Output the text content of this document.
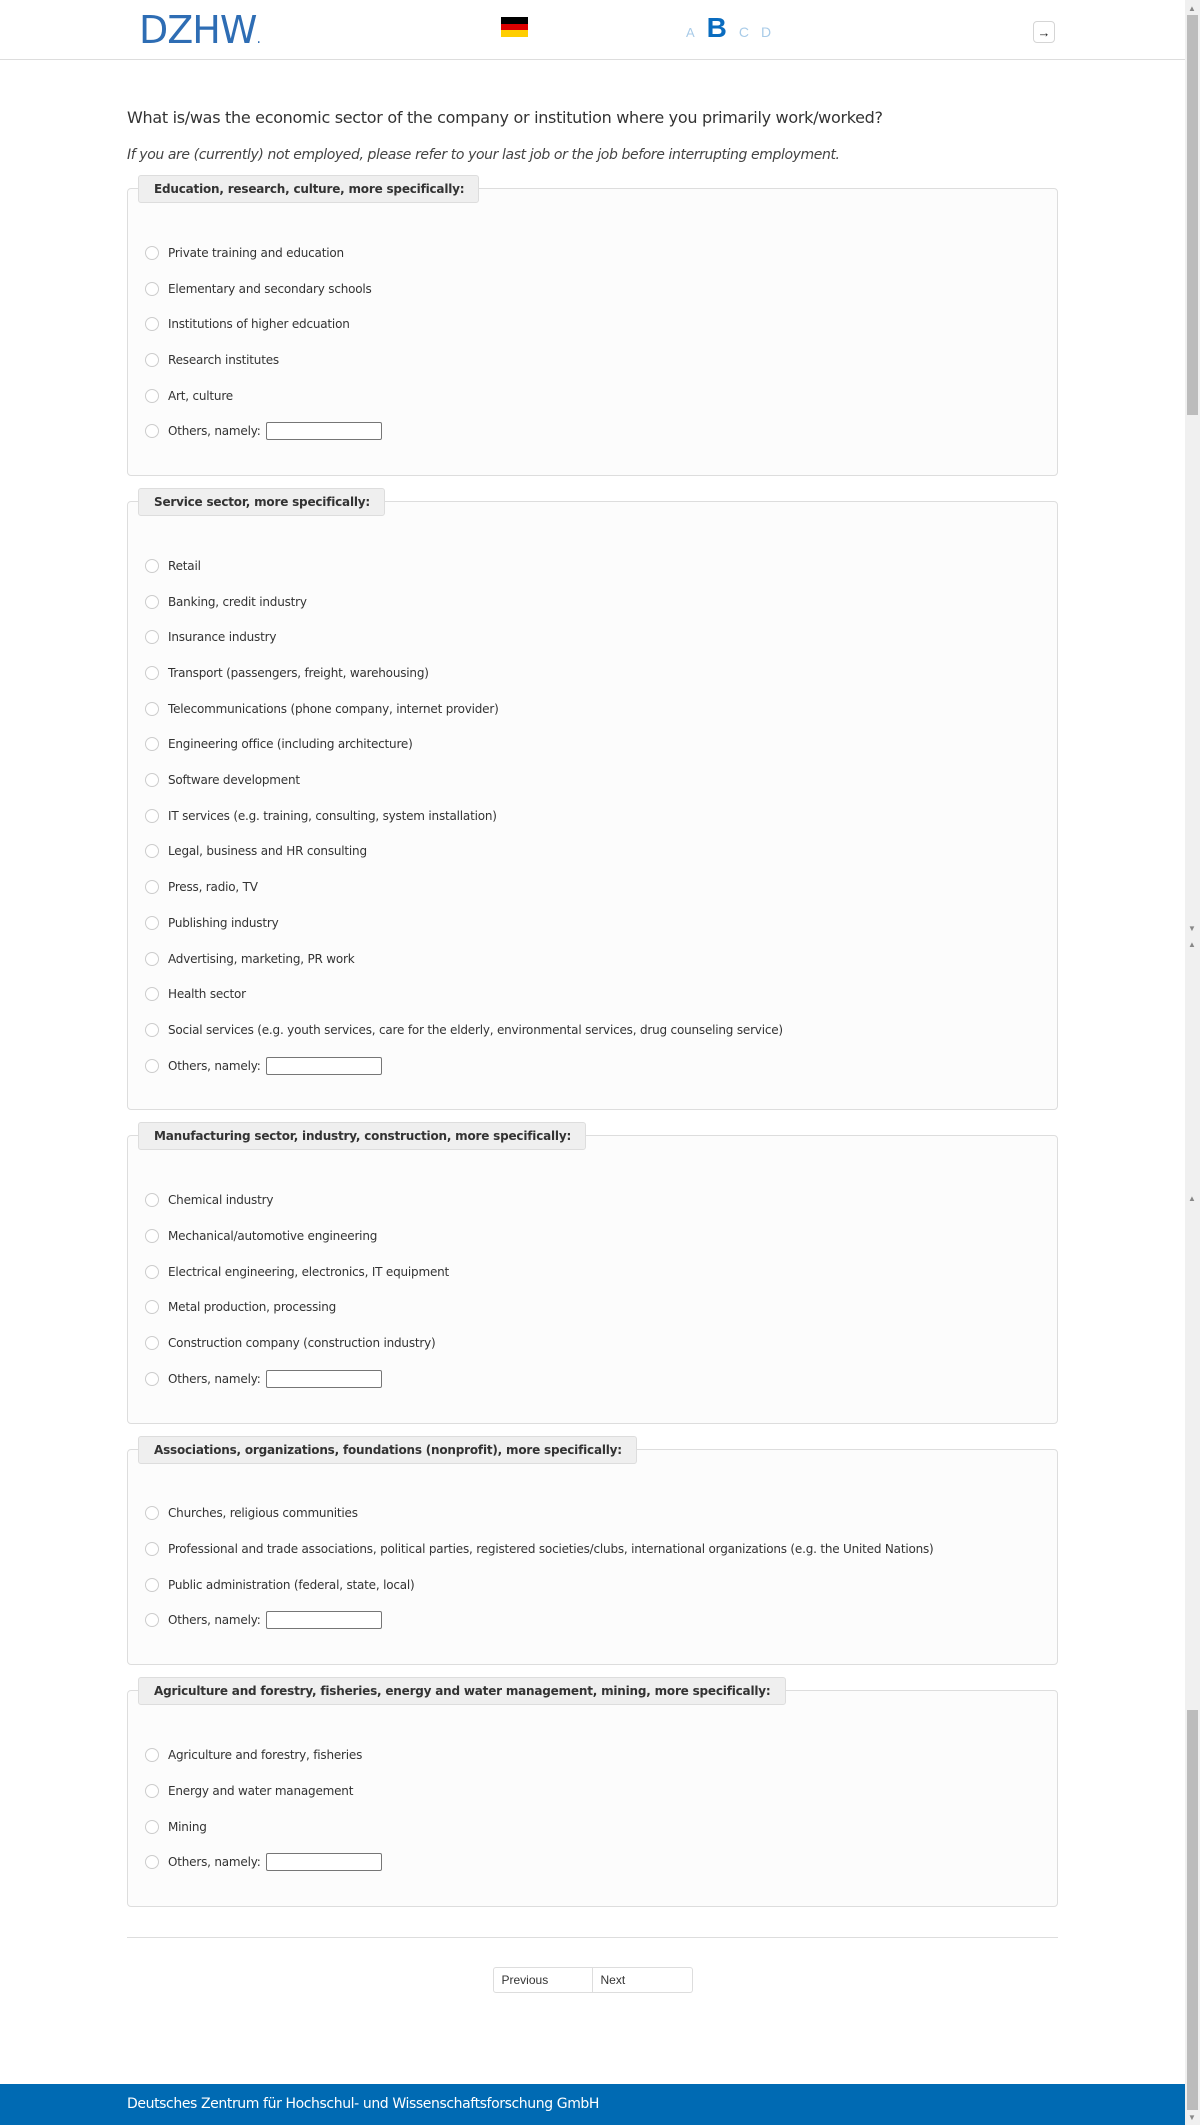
DZHW.	A B C D	→
What is/was the economic sector of the company or institution where you primarily work/worked?
If you are (currently) not employed, please refer to your last job or the job before interrupting employment.
Education, research, culture, more specifically:
Private training and education
Elementary and secondary schools
Institutions of higher edcuation
Research institutes
Art, culture
Others, namely:
Service sector, more specifically:
Retail
Banking, credit industry
Insurance industry
Transport (passengers, freight, warehousing)
Telecommunications (phone company, internet provider)
Engineering office (including architecture)
Software development
IT services (e.g. training, consulting, system installation)
Legal, business and HR consulting
Press, radio, TV
Publishing industry
Advertising, marketing, PR work
Health sector
Social services (e.g. youth services, care for the elderly, environmental services, drug counseling service)
Others, namely:
Manufacturing sector, industry, construction, more specifically:
Chemical industry
Mechanical/automotive engineering
Electrical engineering, electronics, IT equipment
Metal production, processing
Construction company (construction industry)
Others, namely:
Associations, organizations, foundations (nonprofit), more specifically:
Churches, religious communities
Professional and trade associations, political parties, registered societies/clubs, international organizations (e.g. the United Nations)
Public administration (federal, state, local)
Others, namely:
Agriculture and forestry, fisheries, energy and water management, mining, more specifically:
Agriculture and forestry, fisheries
Energy and water management
Mining
Others, namely:
Previous	Next
Deutsches Zentrum für Hochschul- und Wissenschaftsforschung GmbH
▲
▼
▲
▲
▼
